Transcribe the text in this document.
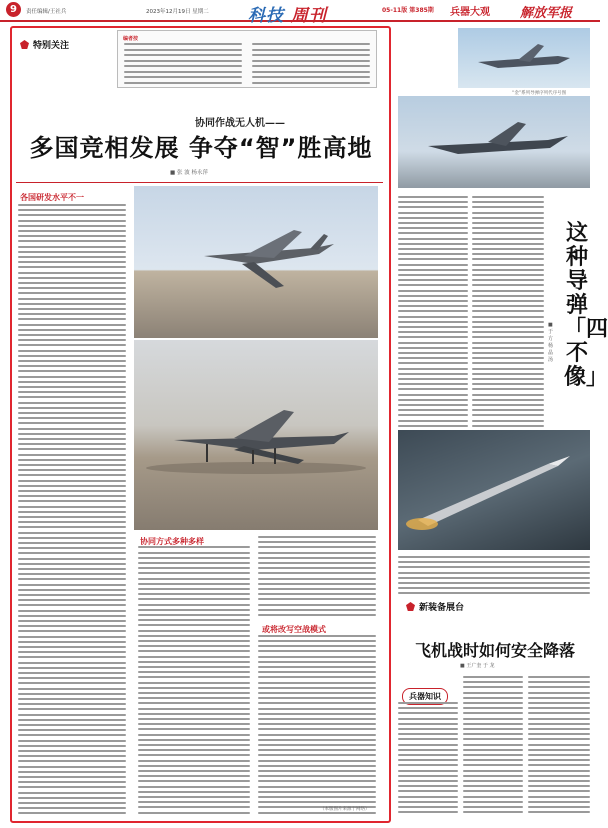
9	责任编辑/王社兵	2023年12月19日 星期二 科技 周刊	05-11版 第385期 兵器大观 解放军报
特别关注
编者按
协同作战无人机——
多国竞相发展 争夺“智”胜高地
■ 张 波 杨永萍
各国研发水平不一
协同方式多种多样
或将改写空战模式
（本版图片来源于网络）
“金”系列导弹序列代序号图
这种导弹「四不像」
■ 于 方 杨 晶 汤
新装备展台
飞机战时如何安全降落
■ 王广奎 于 龙
兵器知识
